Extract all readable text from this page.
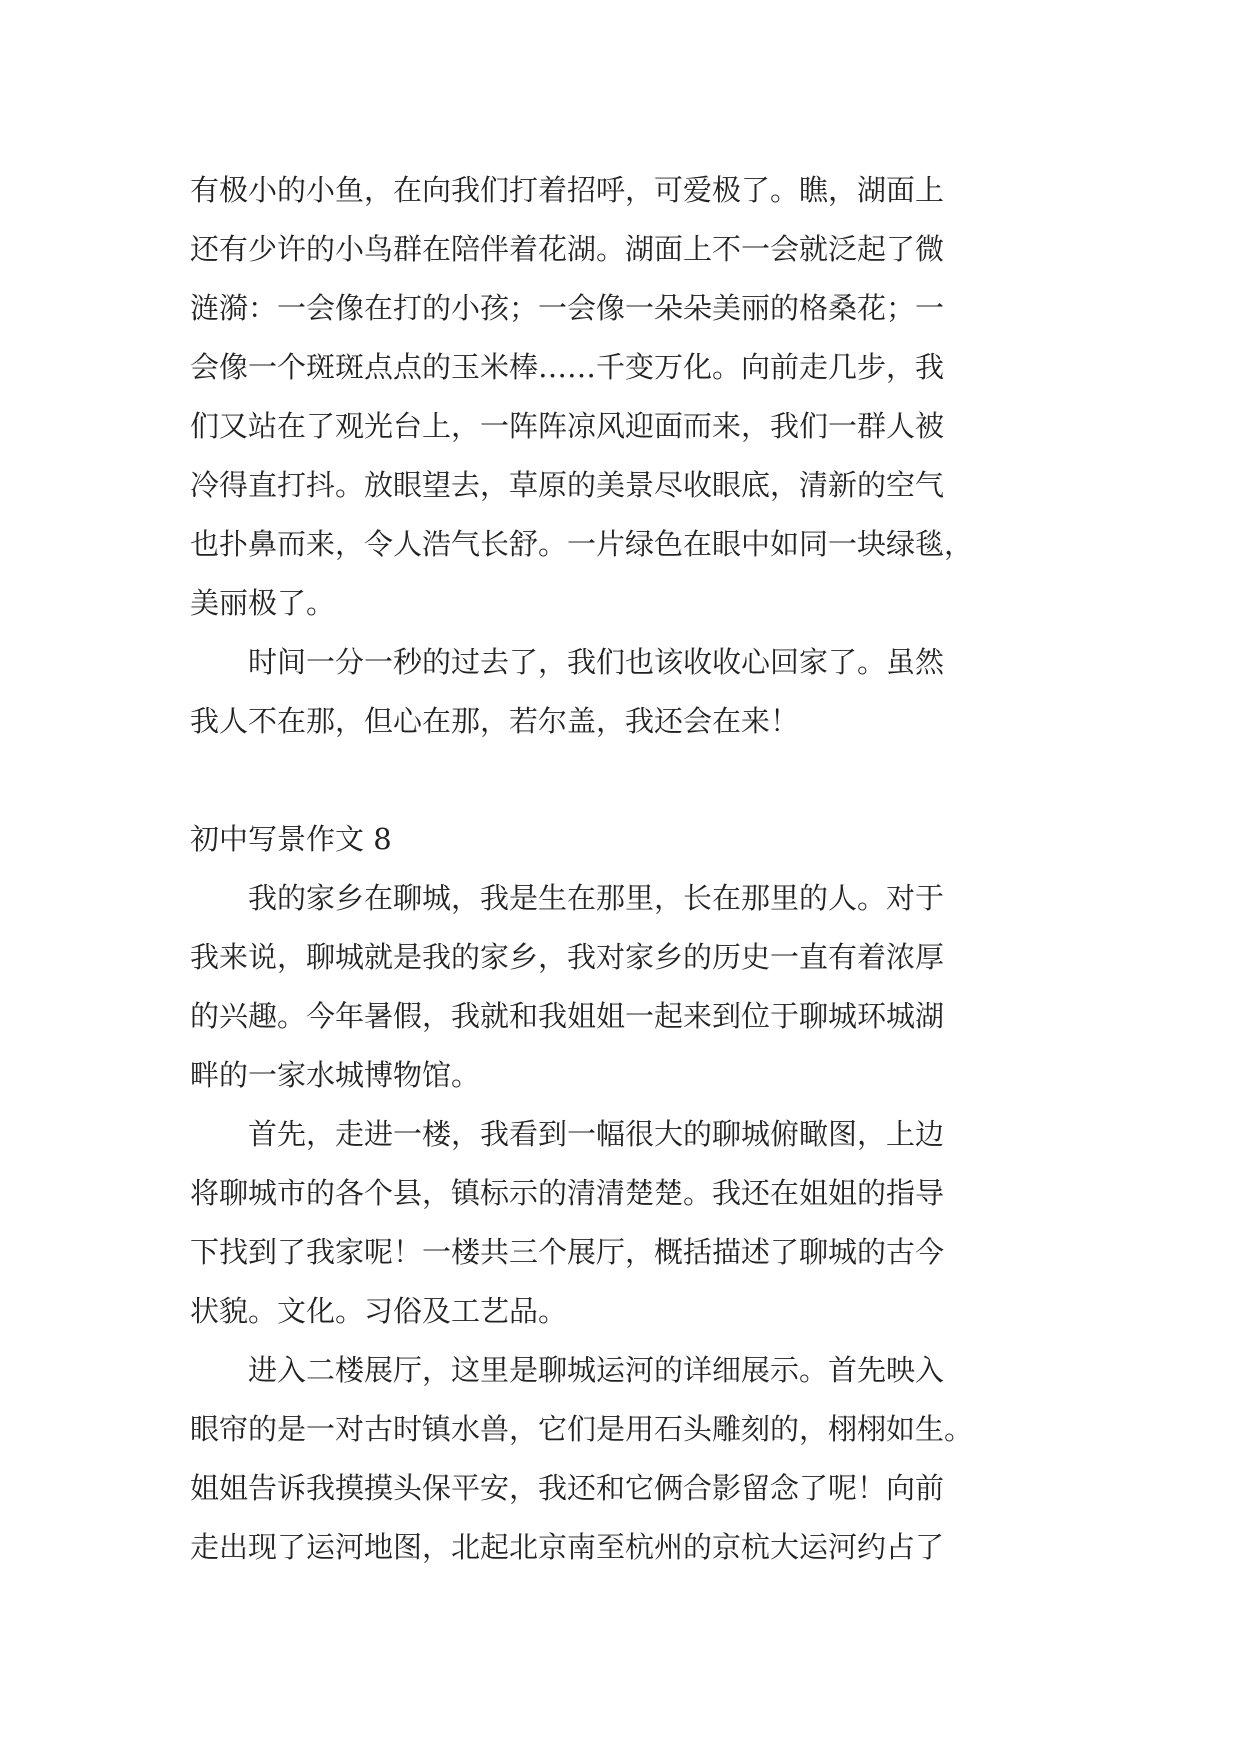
有极小的小鱼，在向我们打着招呼，可爱极了。瞧，湖面上
还有少许的小鸟群在陪伴着花湖。湖面上不一会就泛起了微
涟漪：一会像在打的小孩；一会像一朵朵美丽的格桑花；一
会像一个斑斑点点的玉米棒……千变万化。向前走几步，我
们又站在了观光台上，一阵阵凉风迎面而来，我们一群人被
冷得直打抖。放眼望去，草原的美景尽收眼底，清新的空气
也扑鼻而来，令人浩气长舒。一片绿色在眼中如同一块绿毯，
美丽极了。
　　时间一分一秒的过去了，我们也该收收心回家了。虽然
我人不在那，但心在那，若尔盖，我还会在来！
初中写景作文 8
　　我的家乡在聊城，我是生在那里，长在那里的人。对于
我来说，聊城就是我的家乡，我对家乡的历史一直有着浓厚
的兴趣。今年暑假，我就和我姐姐一起来到位于聊城环城湖
畔的一家水城博物馆。
　　首先，走进一楼，我看到一幅很大的聊城俯瞰图，上边
将聊城市的各个县，镇标示的清清楚楚。我还在姐姐的指导
下找到了我家呢！一楼共三个展厅，概括描述了聊城的古今
状貌。文化。习俗及工艺品。
　　进入二楼展厅，这里是聊城运河的详细展示。首先映入
眼帘的是一对古时镇水兽，它们是用石头雕刻的，栩栩如生。
姐姐告诉我摸摸头保平安，我还和它俩合影留念了呢！向前
走出现了运河地图，北起北京南至杭州的京杭大运河约占了
